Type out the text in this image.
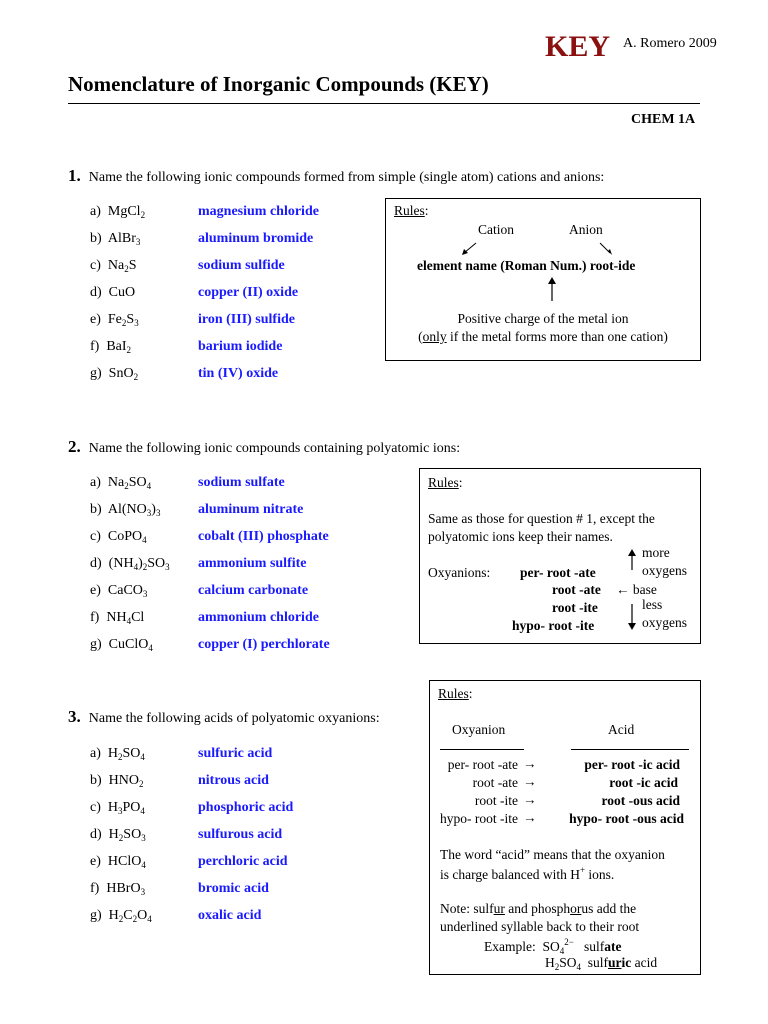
KEY A. Romero 2009
Nomenclature of Inorganic Compounds (KEY)
CHEM 1A
1. Name the following ionic compounds formed from simple (single atom) cations and anions:
a)  MgCl$_2$	magnesium chloride
b)  AlBr$_3$	aluminum bromide
c)  $Na_2S$	sodium sulfide
d)  CuO	copper (II) oxide
e)  $Fe_2S_3$	iron (III) sulfide
f)  BaI$_2$	barium iodide
g)  SnO$_2$	tin (IV) oxide
Rules:
Cation	Anion
element name (Roman Num.) root-ide
Positive charge of the metal ion
(only if the metal forms more than one cation)
2. Name the following ionic compounds containing polyatomic ions:
a)  $Na_2SO_4$	sodium sulfate
b)  $Al(NO_3)_3$	aluminum nitrate
c)  CoPO$_4$	cobalt (III) phosphate
d)  $(NH_4)_2SO_3$ ammonium sulfite
e)  CaCO$_3$	calcium carbonate
f)  $NH_4Cl$	ammonium chloride
g)  CuClO$_4$	copper (I) perchlorate
Rules:
Same as those for question # 1, except the
polyatomic ions keep their names.
more
oxygens
Oxyanions: per- root -ate
root -ate ← base
root -ite	less
hypo- root -ite	oxygens
3. Name the following acids of polyatomic oxyanions:
a)  $H_2SO_4$	sulfuric acid
b)  $HNO_2$	nitrous acid
c)  $H_3PO_4$	phosphoric acid
d)  $H_2SO_3$	sulfurous acid
e)  HClO$_4$	perchloric acid
f)  HBrO$_3$	bromic acid
g)  $H_2C_2O_4$	oxalic acid
Rules:
Oxyanion	Acid
per- root -ate →	per- root -ic acid
root -ate →	root -ic acid
root -ite →	root -ous acid
hypo- root -ite → hypo- root -ous acid
The word “acid” means that the oxyanion
is charge balanced with H+ ions.
Note: sulfur and phosphorus add the
underlined syllable back to their root
Example:  $SO_4^{2-}$ sulfate
$H_2SO_4$ sulfuric acid
